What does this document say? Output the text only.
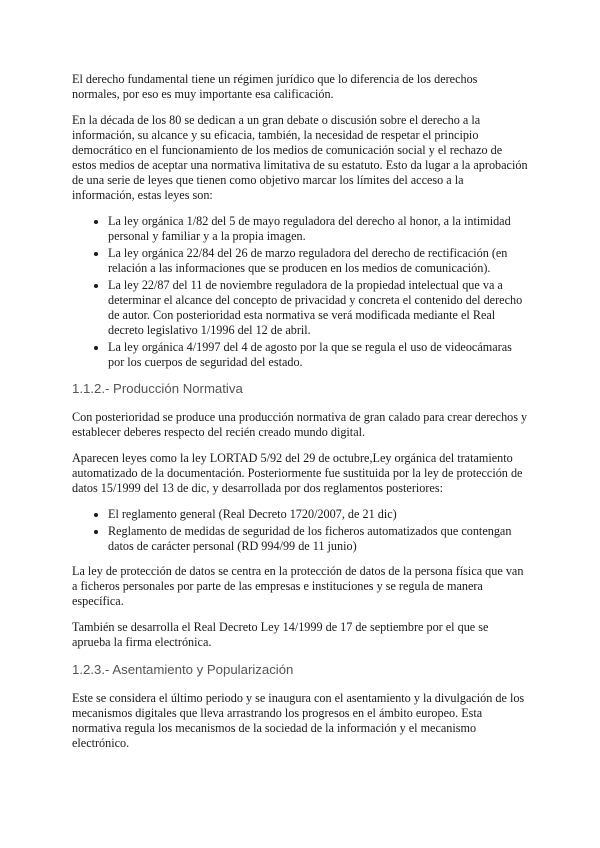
El derecho fundamental tiene un régimen jurídico que lo diferencia de los derechos normales, por eso es muy importante esa calificación.

En la década de los 80 se dedican a un gran debate o discusión sobre el derecho a la información, su alcance y su eficacia, también, la necesidad de respetar el principio democrático en el funcionamiento de los medios de comunicación social y el rechazo de estos medios de aceptar una normativa limitativa de su estatuto. Esto da lugar a la aprobación de una serie de leyes que tienen como objetivo marcar los límites del acceso a la información, estas leyes son:

• La ley orgánica 1/82 del 5 de mayo reguladora del derecho al honor, a la intimidad personal y familiar y a la propia imagen.
• La ley orgánica 22/84 del 26 de marzo reguladora del derecho de rectificación (en relación a las informaciones que se producen en los medios de comunicación).
• La ley 22/87 del 11 de noviembre reguladora de la propiedad intelectual que va a determinar el alcance del concepto de privacidad y concreta el contenido del derecho de autor. Con posterioridad esta normativa se verá modificada mediante el Real decreto legislativo 1/1996 del 12 de abril.
• La ley orgánica 4/1997 del 4 de agosto por la que se regula el uso de videocámaras por los cuerpos de seguridad del estado.
1.1.2.- Producción Normativa

Con posterioridad se produce una producción normativa de gran calado para crear derechos y establecer deberes respecto del recién creado mundo digital.

Aparecen leyes como la ley LORTAD 5/92 del 29 de octubre,Ley orgánica del tratamiento automatizado de la documentación. Posteriormente fue sustituida por la ley de protección de datos 15/1999 del 13 de dic, y desarrollada por dos reglamentos posteriores:

• El reglamento general (Real Decreto 1720/2007, de 21 dic)
• Reglamento de medidas de seguridad de los ficheros automatizados que contengan datos de carácter personal (RD 994/99 de 11 junio)

La ley de protección de datos se centra en la protección de datos de la persona física que van a ficheros personales por parte de las empresas e instituciones y se regula de manera específica.

También se desarrolla el Real Decreto Ley 14/1999 de 17 de septiembre por el que se aprueba la firma electrónica.

1.2.3.- Asentamiento y Popularización

Este se considera el último periodo y se inaugura con el asentamiento y la divulgación de los mecanismos digitales que lleva arrastrando los progresos en el ámbito europeo. Esta normativa regula los mecanismos de la sociedad de la información y el mecanismo electrónico.
